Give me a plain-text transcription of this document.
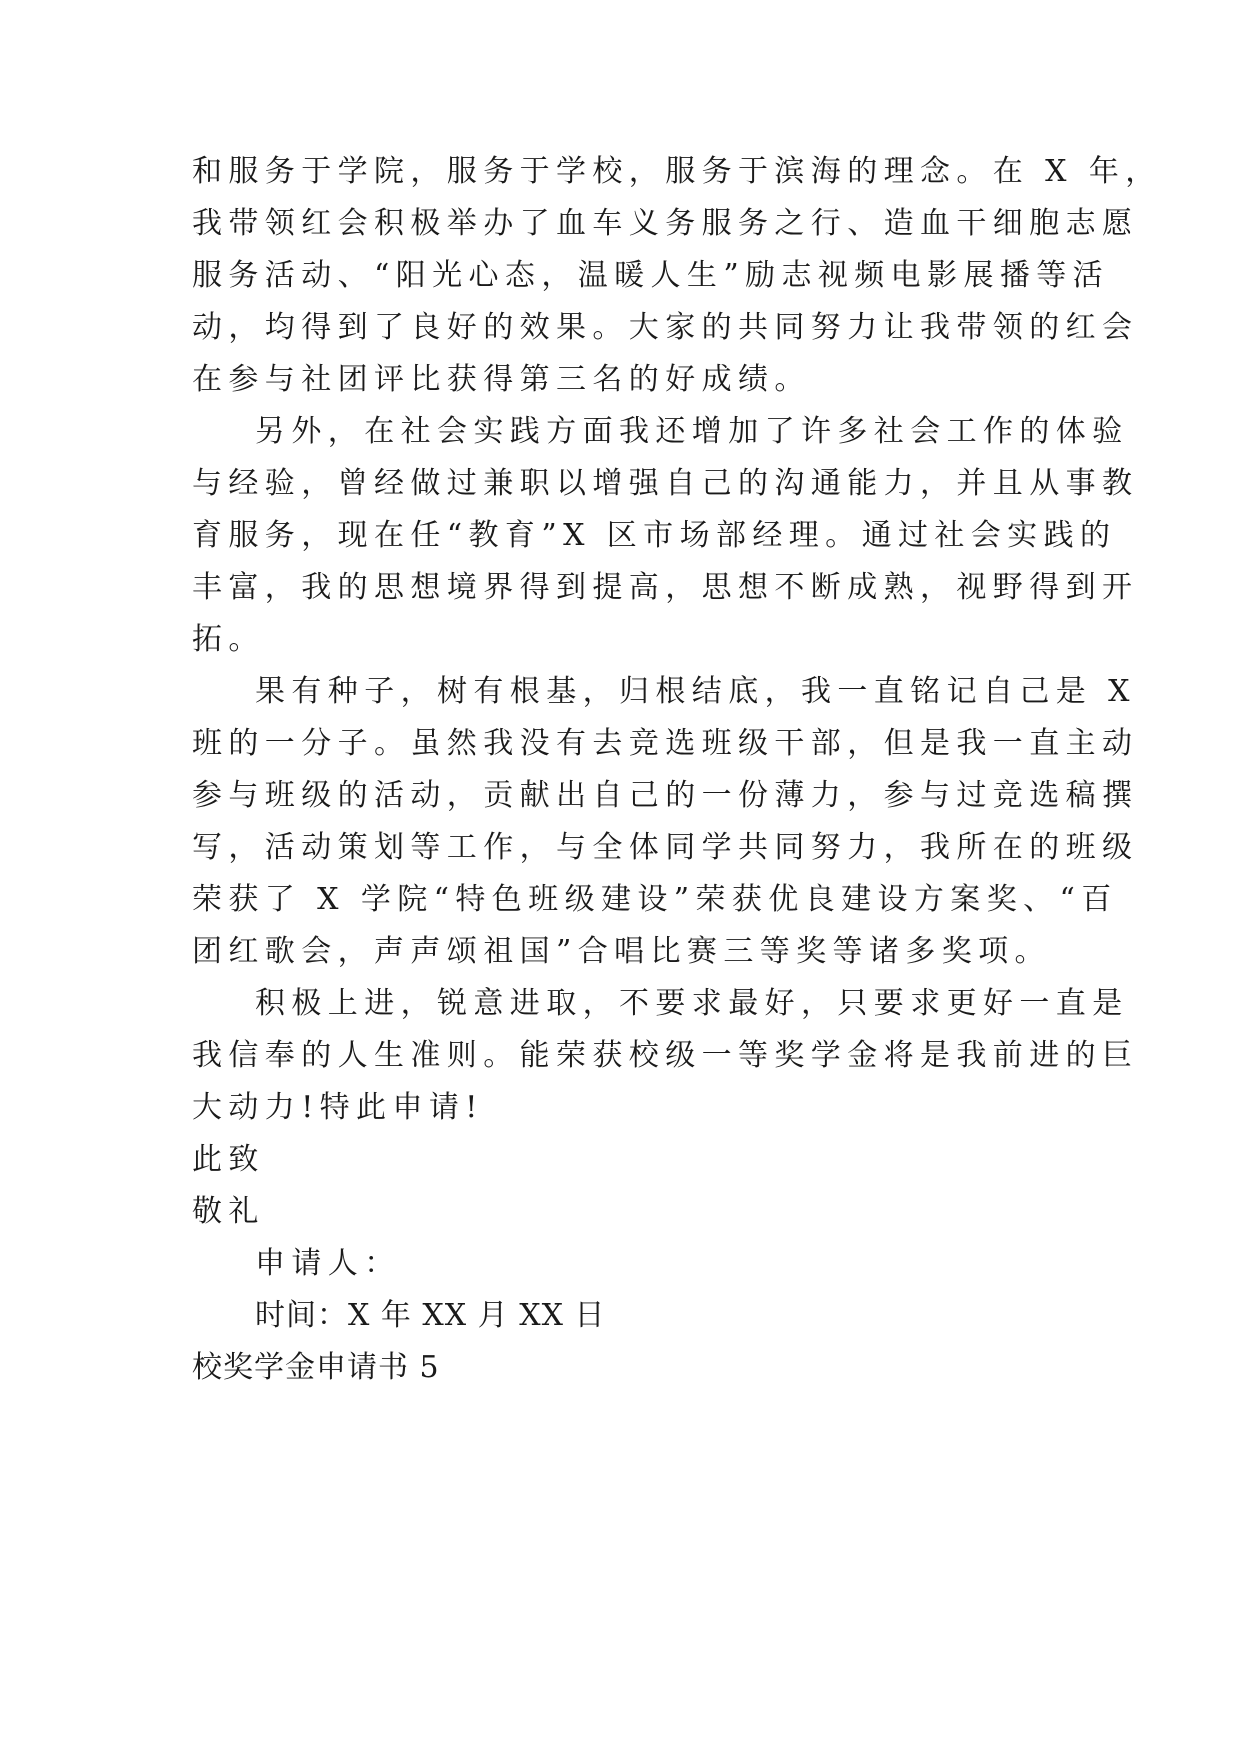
和服务于学院，服务于学校，服务于滨海的理念。在 X 年，
我带领红会积极举办了血车义务服务之行、造血干细胞志愿
服务活动、“阳光心态，温暖人生”励志视频电影展播等活
动，均得到了良好的效果。大家的共同努力让我带领的红会
在参与社团评比获得第三名的好成绩。
另外，在社会实践方面我还增加了许多社会工作的体验
与经验，曾经做过兼职以增强自己的沟通能力，并且从事教
育服务，现在任“教育”X 区市场部经理。通过社会实践的
丰富，我的思想境界得到提高，思想不断成熟，视野得到开
拓。
果有种子，树有根基，归根结底，我一直铭记自己是 X
班的一分子。虽然我没有去竞选班级干部，但是我一直主动
参与班级的活动，贡献出自己的一份薄力，参与过竞选稿撰
写，活动策划等工作，与全体同学共同努力，我所在的班级
荣获了 X 学院“特色班级建设”荣获优良建设方案奖、“百
团红歌会，声声颂祖国”合唱比赛三等奖等诸多奖项。
积极上进，锐意进取，不要求最好，只要求更好一直是
我信奉的人生准则。能荣获校级一等奖学金将是我前进的巨
大动力!特此申请!
此致
敬礼
申请人：
时间：X 年 XX 月 XX 日
校奖学金申请书 5
